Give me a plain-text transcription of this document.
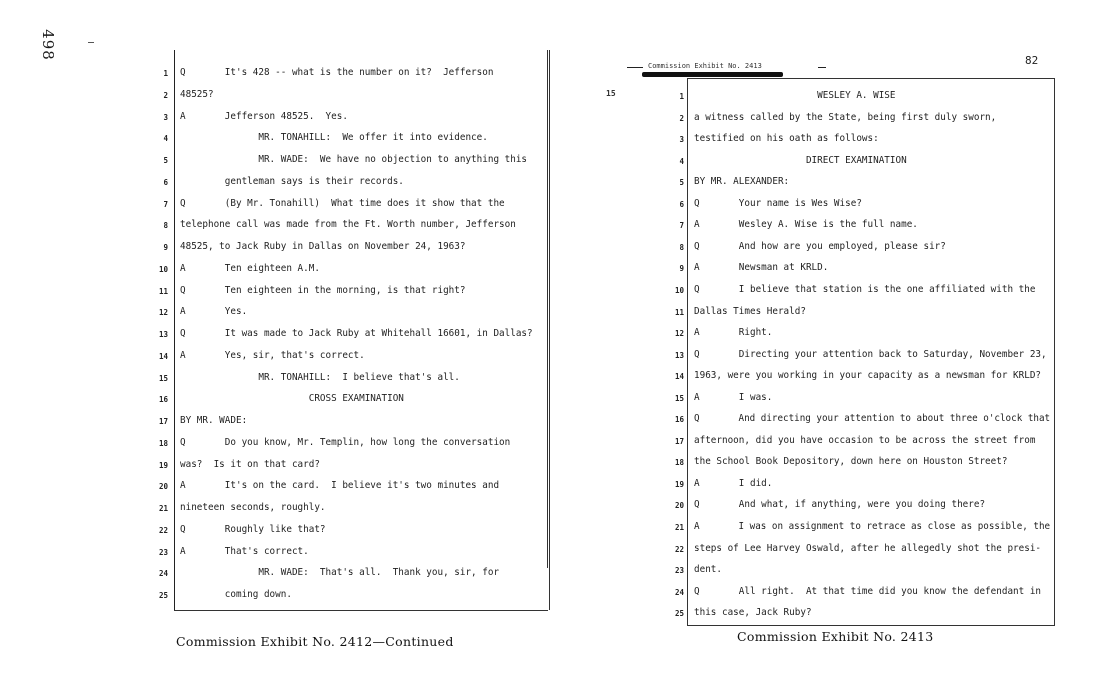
498
1 Q       It's 428 -- what is the number on it?  Jefferson
2 48525?
3 A       Jefferson 48525.  Yes.
4 MR. TONAHILL:  We offer it into evidence.
5 MR. WADE:  We have no objection to anything this
6 gentleman says is their records.
7 Q       (By Mr. Tonahill)  What time does it show that the
8 telephone call was made from the Ft. Worth number, Jefferson
9 48525, to Jack Ruby in Dallas on November 24, 1963?
10 A       Ten eighteen A.M.
11 Q       Ten eighteen in the morning, is that right?
12 A       Yes.
13 Q       It was made to Jack Ruby at Whitehall 16601, in Dallas?
14 A       Yes, sir, that's correct.
15 MR. TONAHILL:  I believe that's all.
16 CROSS EXAMINATION
17 BY MR. WADE:
18 Q       Do you know, Mr. Templin, how long the conversation
19 was?  Is it on that card?
20 A       It's on the card.  I believe it's two minutes and
21 nineteen seconds, roughly.
22 Q       Roughly like that?
23 A       That's correct.
24 MR. WADE:  That's all.  Thank you, sir, for
25 coming down.
Commission Exhibit No. 2412—Continued
Commission Exhibit No. 2413	82
15	1 WESLEY A. WISE
2 a witness called by the State, being first duly sworn,
3 testified on his oath as follows:
4 DIRECT EXAMINATION
5 BY MR. ALEXANDER:
6 Q       Your name is Wes Wise?
7 A       Wesley A. Wise is the full name.
8 Q       And how are you employed, please sir?
9 A       Newsman at KRLD.
10 Q       I believe that station is the one affiliated with the
11 Dallas Times Herald?
12 A       Right.
13 Q       Directing your attention back to Saturday, November 23,
14 1963, were you working in your capacity as a newsman for KRLD?
15 A       I was.
16 Q       And directing your attention to about three o'clock that
17 afternoon, did you have occasion to be across the street from
18 the School Book Depository, down here on Houston Street?
19 A       I did.
20 Q       And what, if anything, were you doing there?
21 A       I was on assignment to retrace as close as possible, the
22 steps of Lee Harvey Oswald, after he allegedly shot the presi-
23 dent.
24 Q       All right.  At that time did you know the defendant in
25 this case, Jack Ruby?
Commission Exhibit No. 2413
